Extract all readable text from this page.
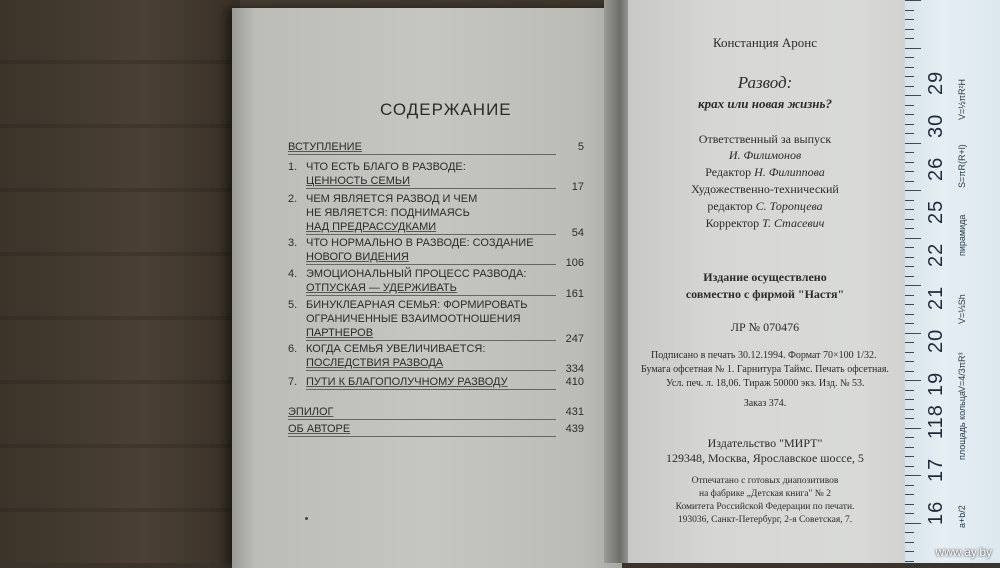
29
30
26
25
22
21
20
19
118
17
16
V=½πR²H
S=πR(R+l)
пирамида
V=⅓Sh
V=4/3πR³
площадь кольца
a+b/2
СОДЕРЖАНИЕ
ВСТУПЛЕНИЕ	5
1. ЧТО ЕСТЬ БЛАГО В РАЗВОДЕ:
ЦЕННОСТЬ СЕМЬИ	17
2. ЧЕМ ЯВЛЯЕТСЯ РАЗВОД И ЧЕМ
НЕ ЯВЛЯЕТСЯ: ПОДНИМАЯСЬ
НАД ПРЕДРАССУДКАМИ	54
3. ЧТО НОРМАЛЬНО В РАЗВОДЕ: СОЗДАНИЕ
НОВОГО ВИДЕНИЯ	106
4. ЭМОЦИОНАЛЬНЫЙ ПРОЦЕСС РАЗВОДА:
ОТПУСКАЯ — УДЕРЖИВАТЬ	161
5. БИНУКЛЕАРНАЯ СЕМЬЯ: ФОРМИРОВАТЬ
ОГРАНИЧЕННЫЕ ВЗАИМООТНОШЕНИЯ
ПАРТНЕРОВ	247
6. КОГДА СЕМЬЯ УВЕЛИЧИВАЕТСЯ:
ПОСЛЕДСТВИЯ РАЗВОДА	334
7. ПУТИ К БЛАГОПОЛУЧНОМУ РАЗВОДУ	410
ЭПИЛОГ	431
ОБ АВТОРЕ	439
Констанция Аронс
Развод:
крах или новая жизнь?
Ответственный за выпуск
И. Филимонов
Редактор Н. Филиппова
Художественно-технический
редактор С. Торопцева
Корректор Т. Стасевич
Издание осуществлено
совместно с фирмой "Настя"
ЛР № 070476
Подписано в печать 30.12.1994. Формат 70×100 1/32.
Бумага офсетная № 1. Гарнитура Таймс. Печать офсетная.
Усл. печ. л. 18,06. Тираж 50000 экз. Изд. № 53.
Заказ 374.
Издательство "МИРТ"
129348, Москва, Ярославское шоссе, 5
Отпечатано с готовых диапозитивов
на фабрике „Детская книга" № 2
Комитета Российской Федерации по печати.
193036, Санкт-Петербург, 2-я Советская, 7.
www.ay.by
